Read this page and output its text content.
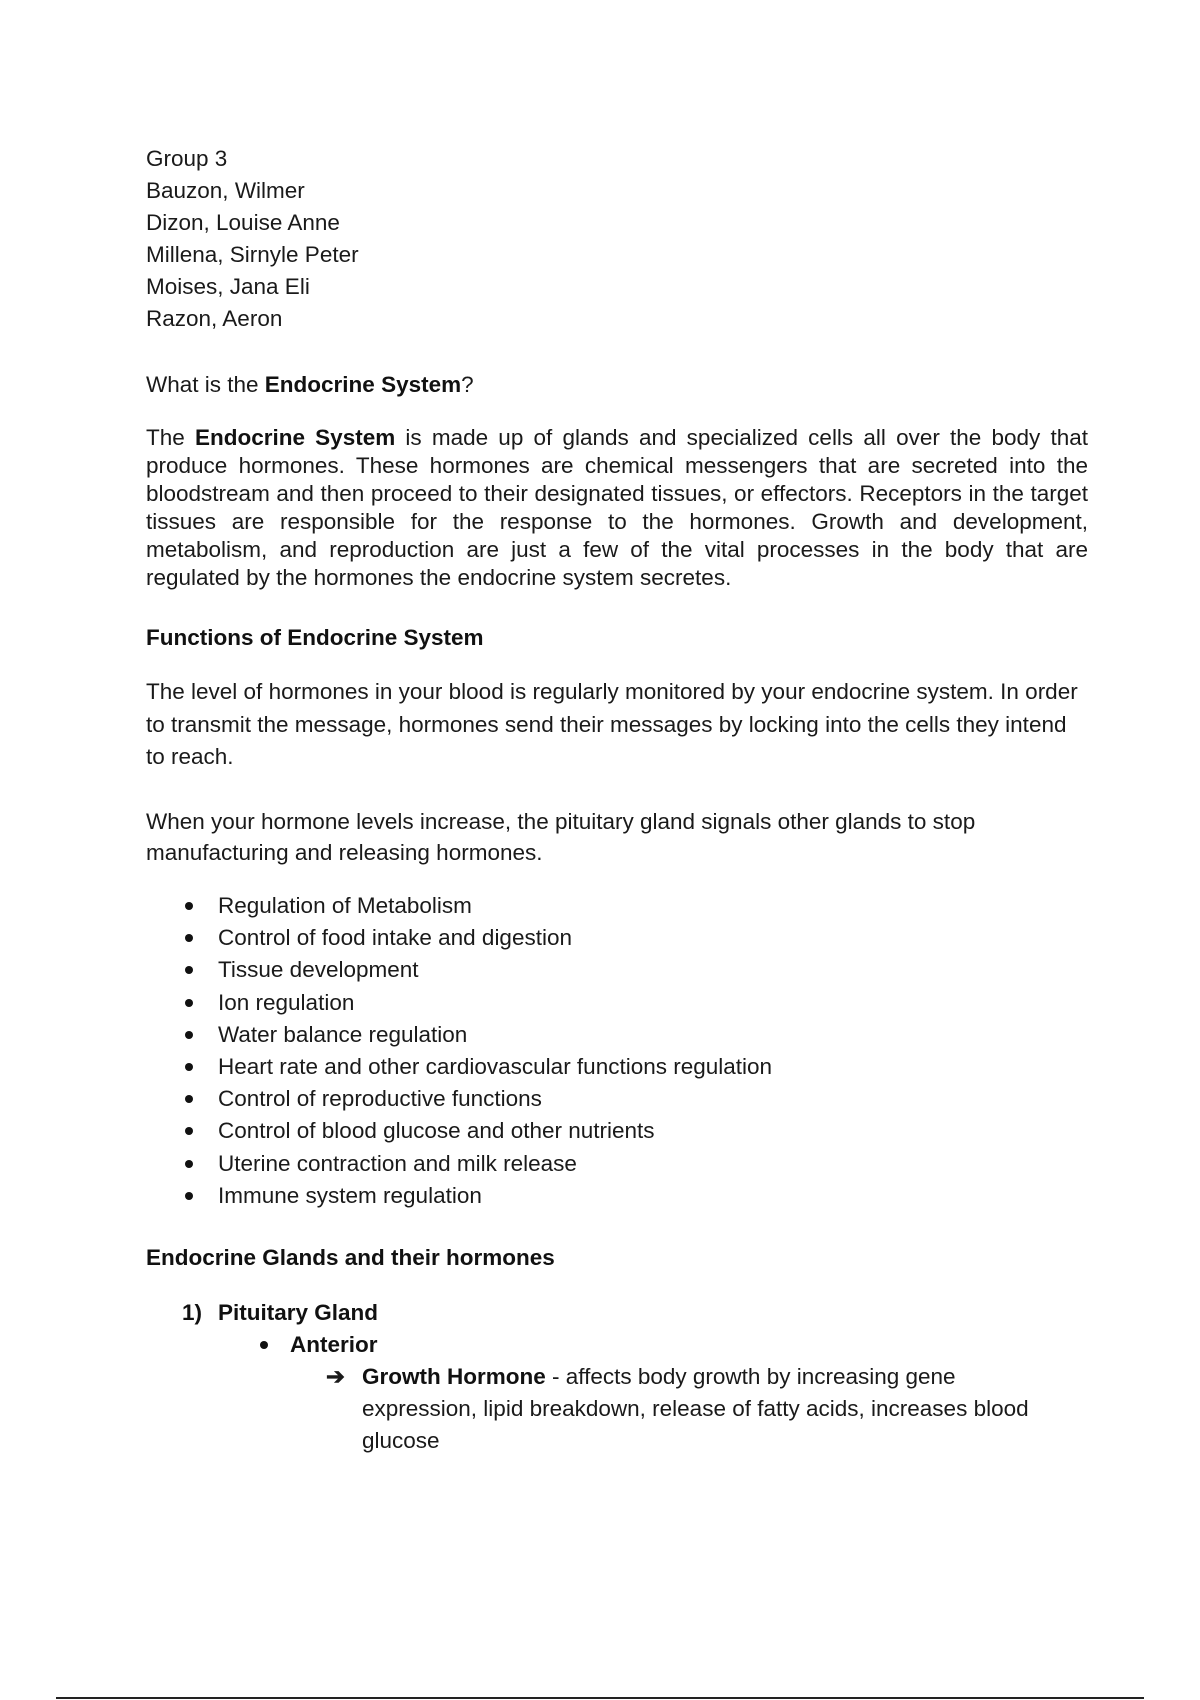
Group 3

Bauzon, Wilmer

Dizon, Louise Anne

Millena, Sirnyle Peter

Moises, Jana Eli

Razon, Aeron

What is the Endocrine System?

The Endocrine System is made up of glands and specialized cells all over the body that produce hormones. These hormones are chemical messengers that are secreted into the bloodstream and then proceed to their designated tissues, or effectors. Receptors in the target tissues are responsible for the response to the hormones. Growth and development, metabolism, and reproduction are just a few of the vital processes in the body that are regulated by the hormones the endocrine system secretes.

Functions of Endocrine System

The level of hormones in your blood is regularly monitored by your endocrine system. In order to transmit the message, hormones send their messages by locking into the cells they intend to reach.

When your hormone levels increase, the pituitary gland signals other glands to stop manufacturing and releasing hormones.

Regulation of Metabolism
Control of food intake and digestion
Tissue development
Ion regulation
Water balance regulation
Heart rate and other cardiovascular functions regulation
Control of reproductive functions
Control of blood glucose and other nutrients
Uterine contraction and milk release
Immune system regulation

Endocrine Glands and their hormones

1) Pituitary Gland
Anterior
➔ Growth Hormone - affects body growth by increasing gene expression, lipid breakdown, release of fatty acids, increases blood glucose
